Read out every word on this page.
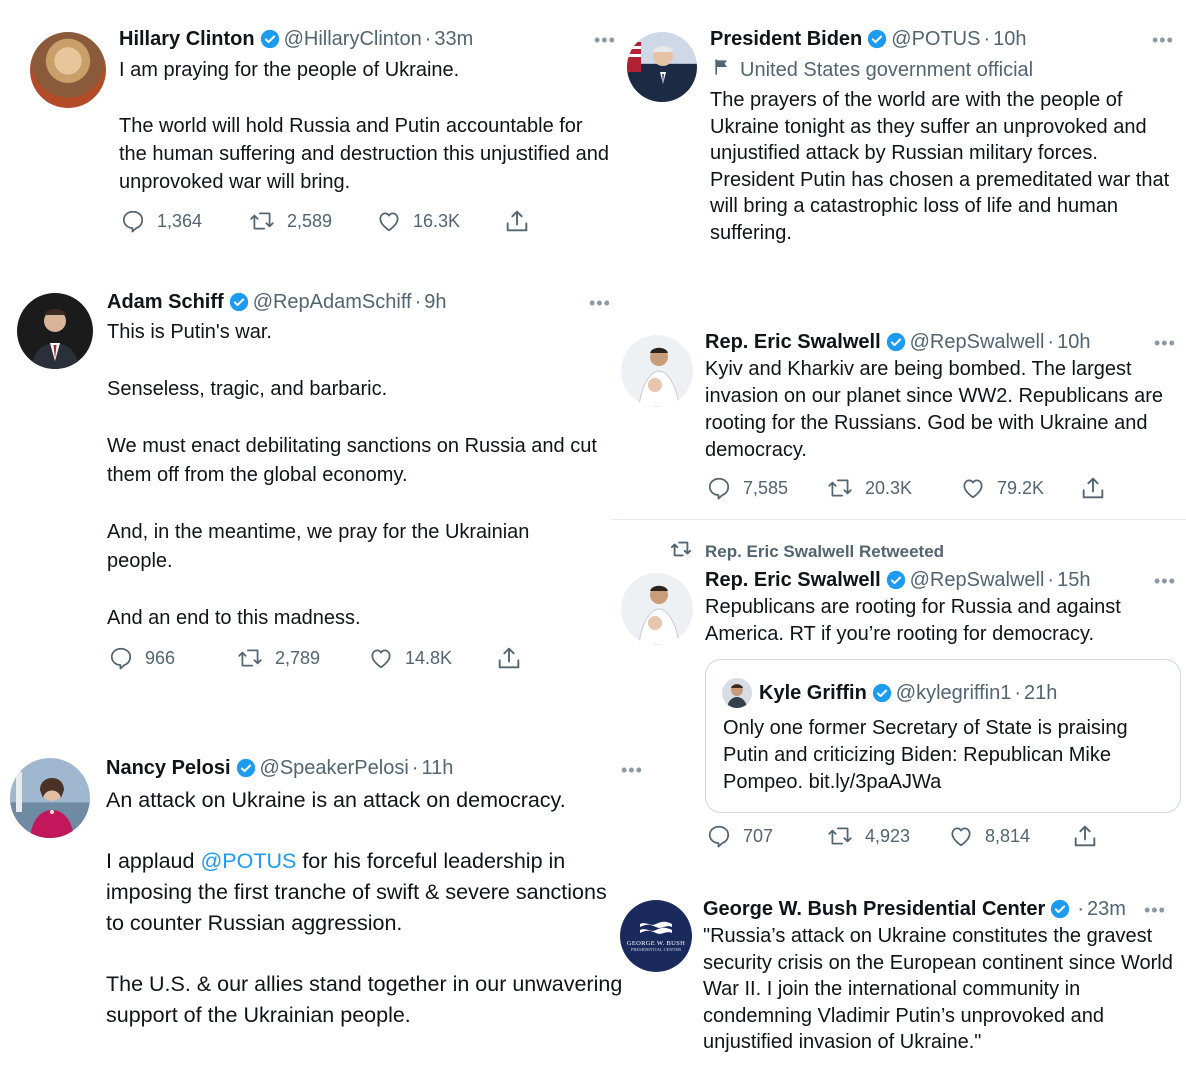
Hillary Clinton @HillaryClinton · 33m	•••

I am praying for the people of Ukraine.

The world will hold Russia and Putin accountable for the human suffering and destruction this unjustified and unprovoked war will bring.

1,364	2,589	16.3K
President Biden @POTUS · 10h	•••
United States government official

The prayers of the world are with the people of Ukraine tonight as they suffer an unprovoked and unjustified attack by Russian military forces. President Putin has chosen a premeditated war that will bring a catastrophic loss of life and human suffering.

Adam Schiff @RepAdamSchiff · 9h	•••

This is Putin's war.

Senseless, tragic, and barbaric.

We must enact debilitating sanctions on Russia and cut them off from the global economy.

And, in the meantime, we pray for the Ukrainian people.

And an end to this madness.

966	2,789	14.8K
Rep. Eric Swalwell @RepSwalwell · 10h	•••

Kyiv and Kharkiv are being bombed. The largest invasion on our planet since WW2. Republicans are rooting for the Russians. God be with Ukraine and democracy.

7,585	20.3K	79.2K
Rep. Eric Swalwell Retweeted
Rep. Eric Swalwell @RepSwalwell · 15h	•••

Republicans are rooting for Russia and against America. RT if you’re rooting for democracy.

Kyle Griffin @kylegriffin1 · 21h

Only one former Secretary of State is praising Putin and criticizing Biden: Republican Mike Pompeo. bit.ly/3paAJWa

707	4,923	8,814
Nancy Pelosi @SpeakerPelosi · 11h	•••

An attack on Ukraine is an attack on democracy.

I applaud @POTUS for his forceful leadership in imposing the first tranche of swift & severe sanctions to counter Russian aggression.

The U.S. & our allies stand together in our unwavering support of the Ukrainian people.

GEORGE W. BUSH
PRESIDENTIAL CENTER
George W. Bush Presidential Center · 23m •••

"Russia’s attack on Ukraine constitutes the gravest security crisis on the European continent since World War II. I join the international community in condemning Vladimir Putin’s unprovoked and unjustified invasion of Ukraine."
